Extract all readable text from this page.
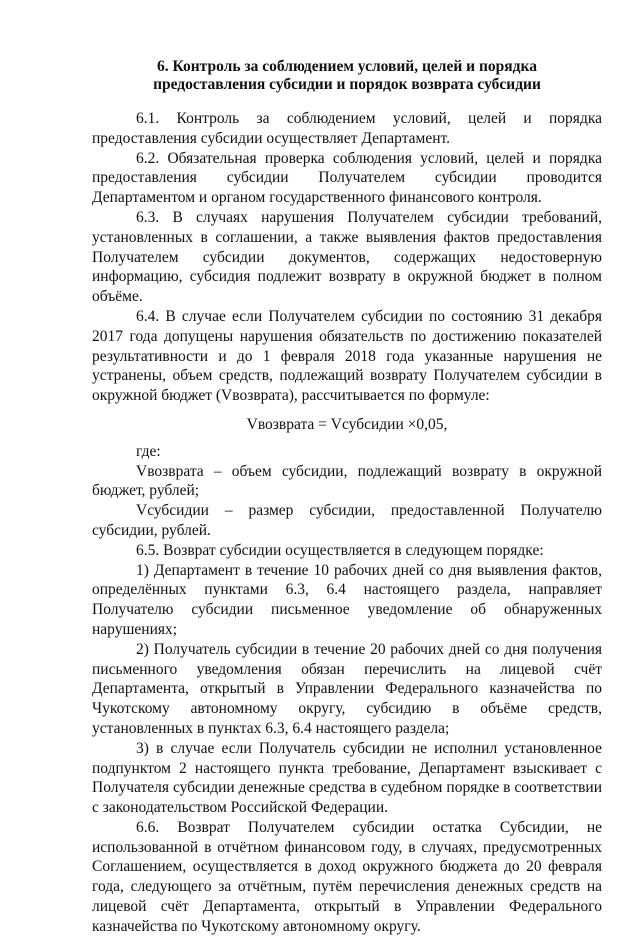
6. Контроль за соблюдением условий, целей и порядка
предоставления субсидии и порядок возврата субсидии

6.1. Контроль за соблюдением условий, целей и порядка предоставления субсидии осуществляет Департамент.

6.2. Обязательная проверка соблюдения условий, целей и порядка предоставления субсидии Получателем субсидии проводится Департаментом и органом государственного финансового контроля.

6.3. В случаях нарушения Получателем субсидии требований, установленных в соглашении, а также выявления фактов предоставления Получателем субсидии документов, содержащих недостоверную информацию, субсидия подлежит возврату в окружной бюджет в полном объёме.

6.4. В случае если Получателем субсидии по состоянию 31 декабря 2017 года допущены нарушения обязательств по достижению показателей результативности и до 1 февраля 2018 года указанные нарушения не устранены, объем средств, подлежащий возврату Получателем субсидии в окружной бюджет (Vвозврата), рассчитывается по формуле:

Vвозврата = Vсубсидии ×0,05,

где:

Vвозврата – объем субсидии, подлежащий возврату в окружной бюджет, рублей;

Vсубсидии – размер субсидии, предоставленной Получателю субсидии, рублей.

6.5. Возврат субсидии осуществляется в следующем порядке:

1) Департамент в течение 10 рабочих дней со дня выявления фактов, определённых пунктами 6.3, 6.4 настоящего раздела, направляет Получателю субсидии письменное уведомление об обнаруженных нарушениях;

2) Получатель субсидии в течение 20 рабочих дней со дня получения письменного уведомления обязан перечислить на лицевой счёт Департамента, открытый в Управлении Федерального казначейства по Чукотскому автономному округу, субсидию в объёме средств, установленных в пунктах 6.3, 6.4 настоящего раздела;

3) в случае если Получатель субсидии не исполнил установленное подпунктом 2 настоящего пункта требование, Департамент взыскивает с Получателя субсидии денежные средства в судебном порядке в соответствии с законодательством Российской Федерации.

6.6. Возврат Получателем субсидии остатка Субсидии, не использованной в отчётном финансовом году, в случаях, предусмотренных Соглашением, осуществляется в доход окружного бюджета до 20 февраля года, следующего за отчётным, путём перечисления денежных средств на лицевой счёт Департамента, открытый в Управлении Федерального казначейства по Чукотскому автономному округу.
